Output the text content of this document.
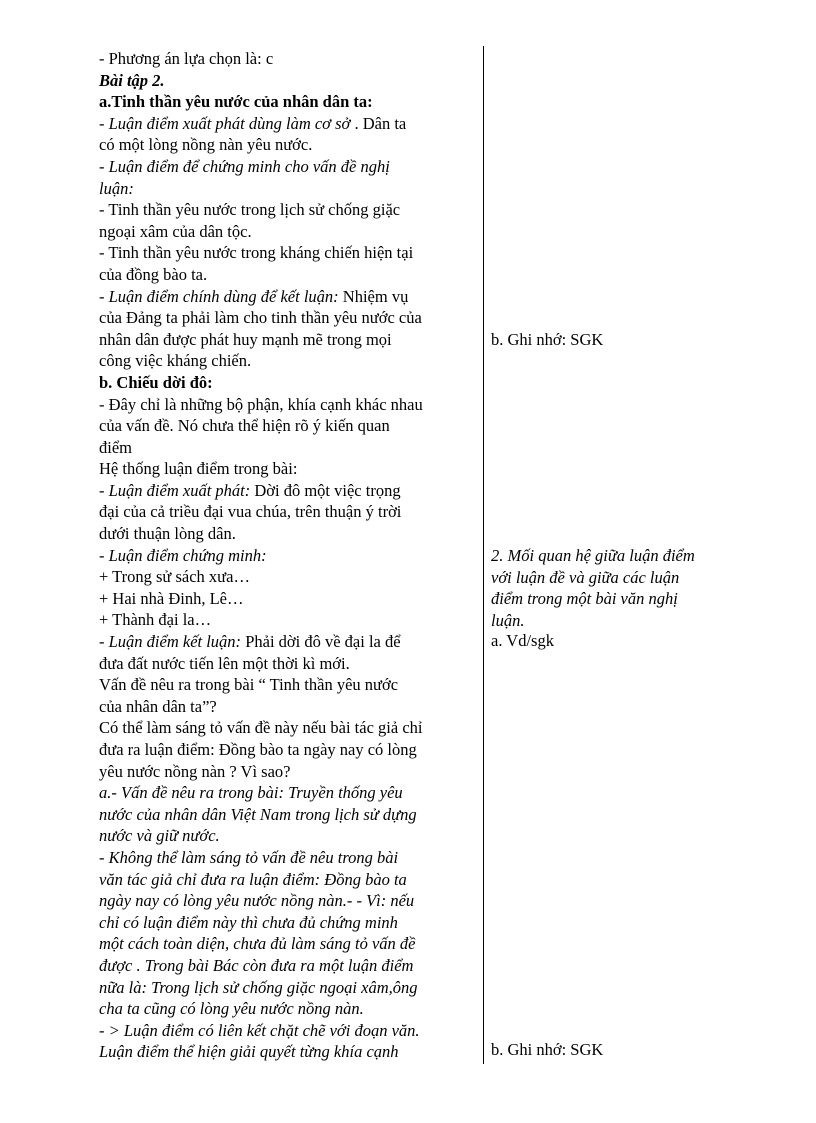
- Phương án lựa chọn là: c
Bài tập 2.
a.Tinh thần yêu nước của nhân dân ta:
- Luận điểm xuất phát dùng làm cơ sở . Dân ta
có một lòng nồng nàn yêu nước.
- Luận điểm để chứng minh cho vấn đề nghị
luận:
- Tinh thần yêu nước trong lịch sử chống giặc
ngoại xâm của dân tộc.
- Tinh thần yêu nước trong kháng chiến hiện tại
của đồng bào ta.
- Luận điểm chính dùng để kết luận: Nhiệm vụ
của Đảng ta phải làm cho tinh thần yêu nước của
nhân dân được phát huy mạnh mẽ trong mọi
công việc kháng chiến.
b. Chiếu dời đô:
- Đây chỉ là những bộ phận, khía cạnh khác nhau
của vấn đề. Nó chưa thể hiện rõ ý kiến quan
điểm
Hệ thống luận điểm trong bài:
- Luận điểm xuất phát: Dời đô một việc trọng
đại của cả triều đại vua chúa, trên thuận ý trời
dưới thuận lòng dân.
- Luận điểm chứng minh:
+ Trong sử sách xưa…
+ Hai nhà Đinh, Lê…
+ Thành đại la…
- Luận điểm kết luận: Phải dời đô về đại la để
đưa đất nước tiến lên một thời kì mới.
Vấn đề nêu ra trong bài “ Tinh thần yêu nước
của nhân dân ta”?
Có thể làm sáng tỏ vấn đề này nếu bài tác giả chỉ
đưa ra luận điểm: Đồng bào ta ngày nay có lòng
yêu nước nồng nàn ? Vì sao?
a.- Vấn đề nêu ra trong bài: Truyền thống yêu
nước của nhân dân Việt Nam trong lịch sử dựng
nước và giữ nước.
- Không thể làm sáng tỏ vấn đề nêu trong bài
văn tác giả chỉ đưa ra luận điểm: Đồng bào ta
ngày nay có lòng yêu nước nồng nàn.- - Vì: nếu
chỉ có luận điểm này thì chưa đủ chứng minh
một cách toàn diện, chưa đủ làm sáng tỏ vấn đề
được . Trong bài Bác còn đưa ra một luận điểm
nữa là: Trong lịch sử chống giặc ngoại xâm,ông
cha ta cũng có lòng yêu nước nồng nàn.
- > Luận điểm có liên kết chặt chẽ với đoạn văn.
Luận điểm thể hiện giải quyết từng khía cạnh
b. Ghi nhớ: SGK
2. Mối quan hệ giữa luận điểm
với luận đề và giữa các luận
điểm trong một bài văn nghị
luận.
a. Vd/sgk
b. Ghi nhớ: SGK
